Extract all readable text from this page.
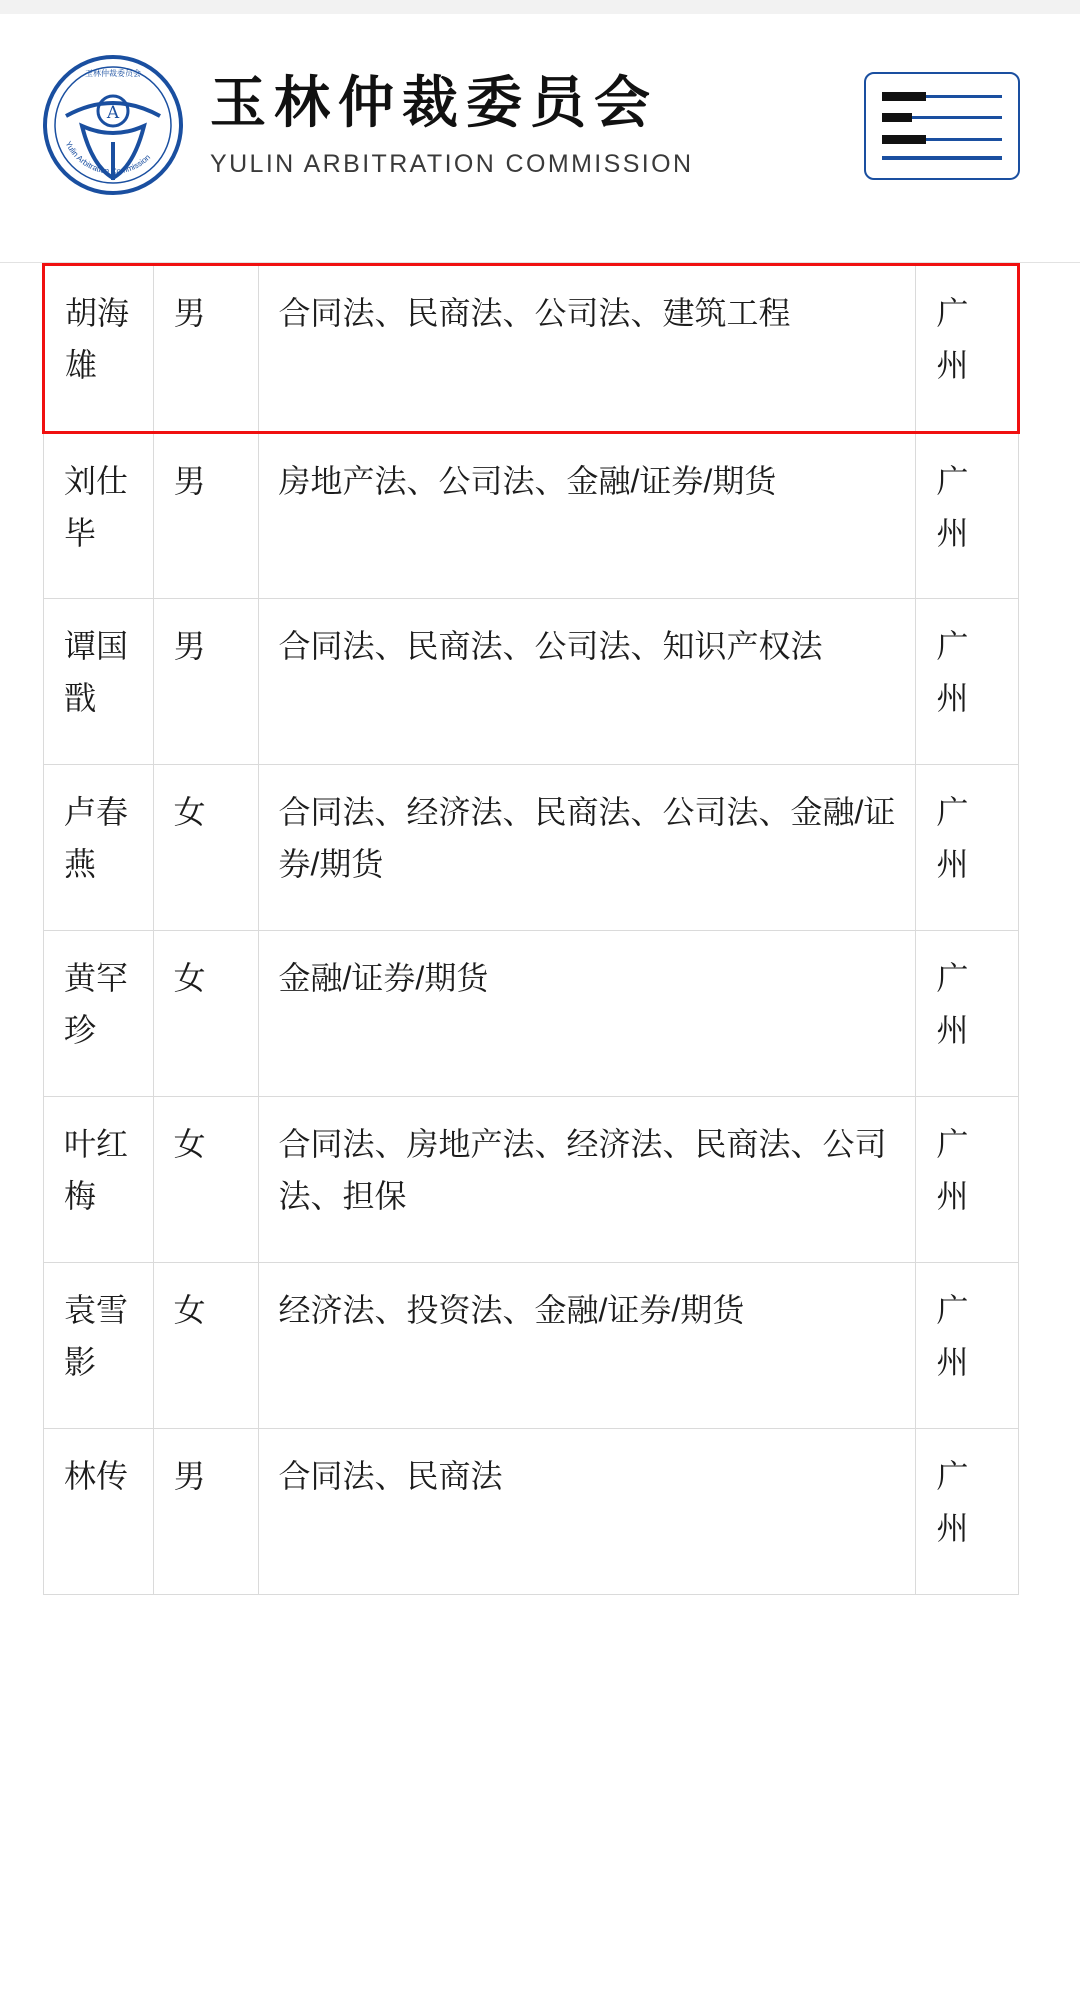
A
玉林仲裁委员会
Yulin Arbitration Commission
玉林仲裁委员会
YULIN ARBITRATION COMMISSION
胡海雄	男	合同法、民商法、公司法、建筑工程	广州
刘仕毕	男	房地产法、公司法、金融/证券/期货	广州
谭国戬	男	合同法、民商法、公司法、知识产权法	广州
卢春燕	女	合同法、经济法、民商法、公司法、金融/证券/期货	广州
黄罕珍	女	金融/证券/期货	广州
叶红梅	女	合同法、房地产法、经济法、民商法、公司法、担保	广州
袁雪影	女	经济法、投资法、金融/证券/期货	广州
林传	男	合同法、民商法	广州
